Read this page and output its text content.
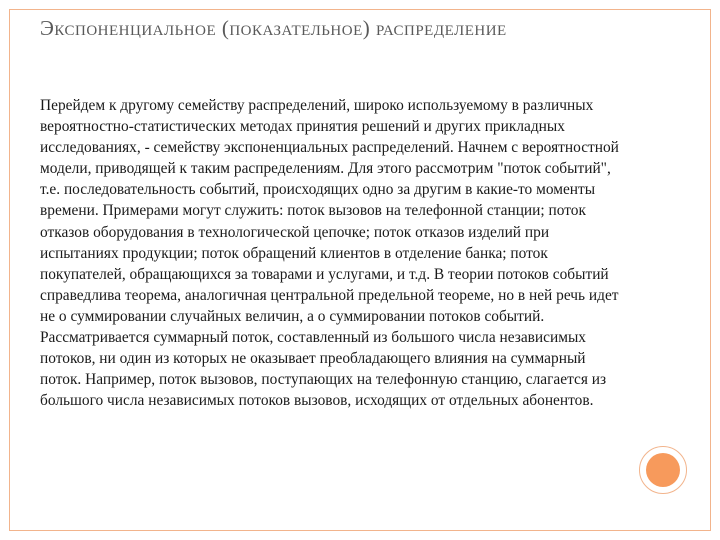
Экспоненциальное (показательное) распределение

Перейдем к другому семейству распределений, широко используемому в различных вероятностно-статистических методах принятия решений и других прикладных исследованиях, - семейству экспоненциальных распределений. Начнем с вероятностной модели, приводящей к таким распределениям. Для этого рассмотрим "поток событий", т.е. последовательность событий, происходящих одно за другим в какие-то моменты времени. Примерами могут служить: поток вызовов на телефонной станции; поток отказов оборудования в технологической цепочке; поток отказов изделий при испытаниях продукции; поток обращений клиентов в отделение банка; поток покупателей, обращающихся за товарами и услугами, и т.д. В теории потоков событий справедлива теорема, аналогичная центральной предельной теореме, но в ней речь идет не о суммировании случайных величин, а о суммировании потоков событий. Рассматривается суммарный поток, составленный из большого числа независимых потоков, ни один из которых не оказывает преобладающего влияния на суммарный поток. Например, поток вызовов, поступающих на телефонную станцию, слагается из большого числа независимых потоков вызовов, исходящих от отдельных абонентов.
